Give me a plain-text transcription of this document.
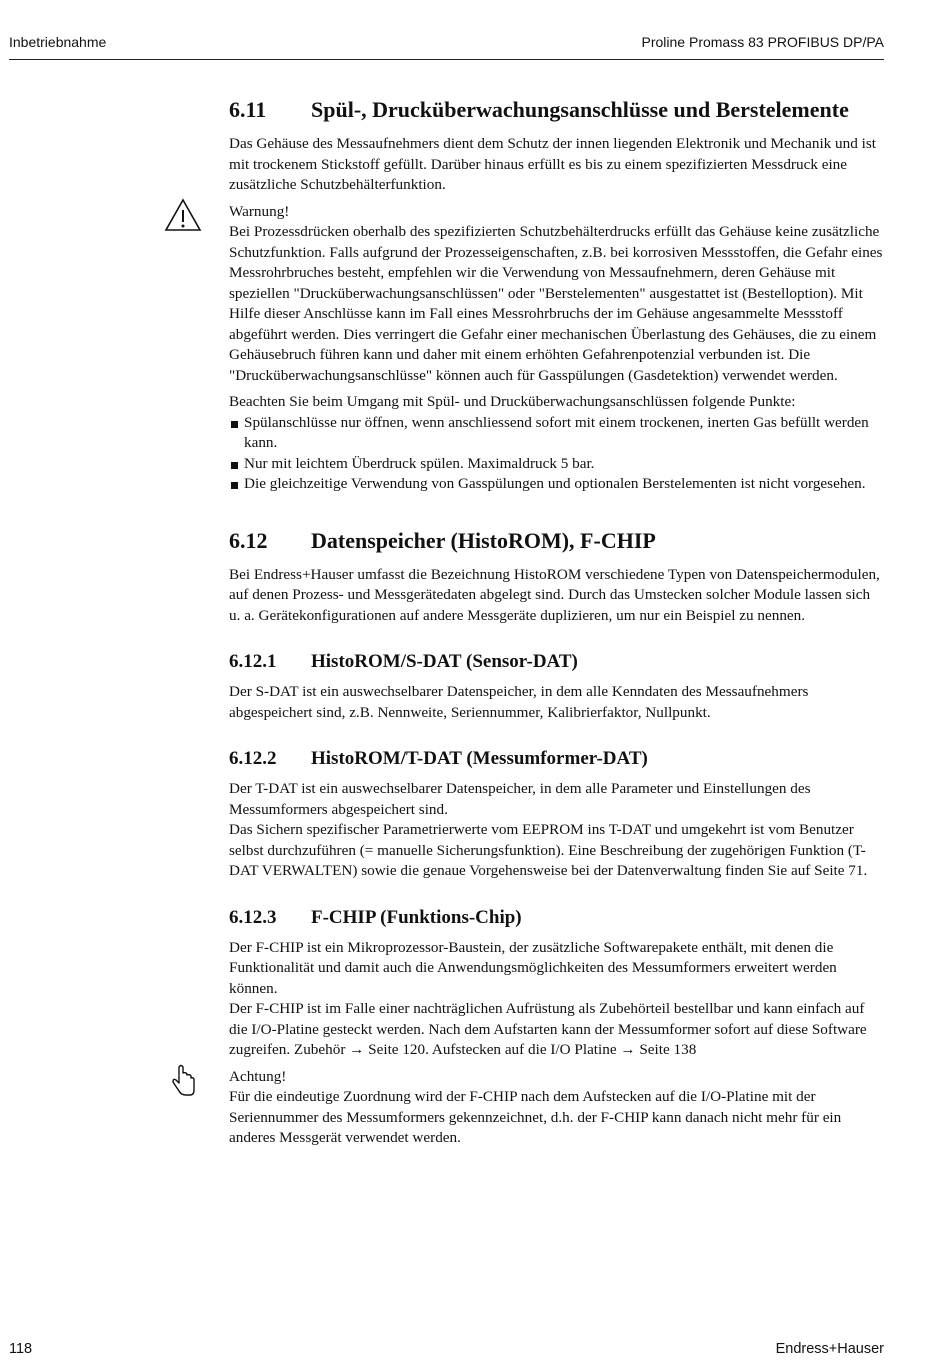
Inbetriebnahme	Proline Promass 83 PROFIBUS DP/PA
6.11	Spül-, Drucküberwachungsanschlüsse und Berstelemente

Das Gehäuse des Messaufnehmers dient dem Schutz der innen liegenden Elektronik und Mechanik und ist mit trockenem Stickstoff gefüllt. Darüber hinaus erfüllt es bis zu einem spezifizierten Messdruck eine zusätzliche Schutzbehälterfunktion.

Warnung!

Bei Prozessdrücken oberhalb des spezifizierten Schutzbehälterdrucks erfüllt das Gehäuse keine zusätzliche Schutzfunktion. Falls aufgrund der Prozesseigenschaften, z.B. bei korrosiven Messstoffen, die Gefahr eines Messrohrbruches besteht, empfehlen wir die Verwendung von Messaufnehmern, deren Gehäuse mit speziellen "Drucküberwachungsanschlüssen" oder "Berstelementen" ausgestattet ist (Bestelloption). Mit Hilfe dieser Anschlüsse kann im Fall eines Messrohrbruchs der im Gehäuse angesammelte Messstoff abgeführt werden. Dies verringert die Gefahr einer mechanischen Überlastung des Gehäuses, die zu einem Gehäusebruch führen kann und daher mit einem erhöhten Gefahrenpotenzial verbunden ist. Die "Drucküberwachungsanschlüsse" können auch für Gasspülungen (Gasdetektion) verwendet werden.

Beachten Sie beim Umgang mit Spül- und Drucküberwachungsanschlüssen folgende Punkte:

Spülanschlüsse nur öffnen, wenn anschliessend sofort mit einem trockenen, inerten Gas befüllt werden kann.
Nur mit leichtem Überdruck spülen. Maximaldruck 5 bar.
Die gleichzeitige Verwendung von Gasspülungen und optionalen Berstelementen ist nicht vorgesehen.
6.12	Datenspeicher (HistoROM), F-CHIP

Bei Endress+Hauser umfasst die Bezeichnung HistoROM verschiedene Typen von Datenspeichermodulen, auf denen Prozess- und Messgerätedaten abgelegt sind. Durch das Umstecken solcher Module lassen sich u. a. Gerätekonfigurationen auf andere Messgeräte duplizieren, um nur ein Beispiel zu nennen.

6.12.1	HistoROM/S-DAT (Sensor-DAT)

Der S-DAT ist ein auswechselbarer Datenspeicher, in dem alle Kenndaten des Messaufnehmers abgespeichert sind, z.B. Nennweite, Seriennummer, Kalibrierfaktor, Nullpunkt.

6.12.2	HistoROM/T-DAT (Messumformer-DAT)

Der T-DAT ist ein auswechselbarer Datenspeicher, in dem alle Parameter und Einstellungen des Messumformers abgespeichert sind.

Das Sichern spezifischer Parametrierwerte vom EEPROM ins T-DAT und umgekehrt ist vom Benutzer selbst durchzuführen (= manuelle Sicherungsfunktion). Eine Beschreibung der zugehörigen Funktion (T-DAT VERWALTEN) sowie die genaue Vorgehensweise bei der Datenverwaltung finden Sie auf Seite 71.

6.12.3	F-CHIP (Funktions-Chip)

Der F-CHIP ist ein Mikroprozessor-Baustein, der zusätzliche Softwarepakete enthält, mit denen die Funktionalität und damit auch die Anwendungsmöglichkeiten des Messumformers erweitert werden können.

Der F-CHIP ist im Falle einer nachträglichen Aufrüstung als Zubehörteil bestellbar und kann einfach auf die I/O-Platine gesteckt werden. Nach dem Aufstarten kann der Messumformer sofort auf diese Software zugreifen. Zubehör → Seite 120. Aufstecken auf die I/O Platine → Seite 138

Achtung!

Für die eindeutige Zuordnung wird der F-CHIP nach dem Aufstecken auf die I/O-Platine mit der Seriennummer des Messumformers gekennzeichnet, d.h. der F-CHIP kann danach nicht mehr für ein anderes Messgerät verwendet werden.

118	Endress+Hauser
